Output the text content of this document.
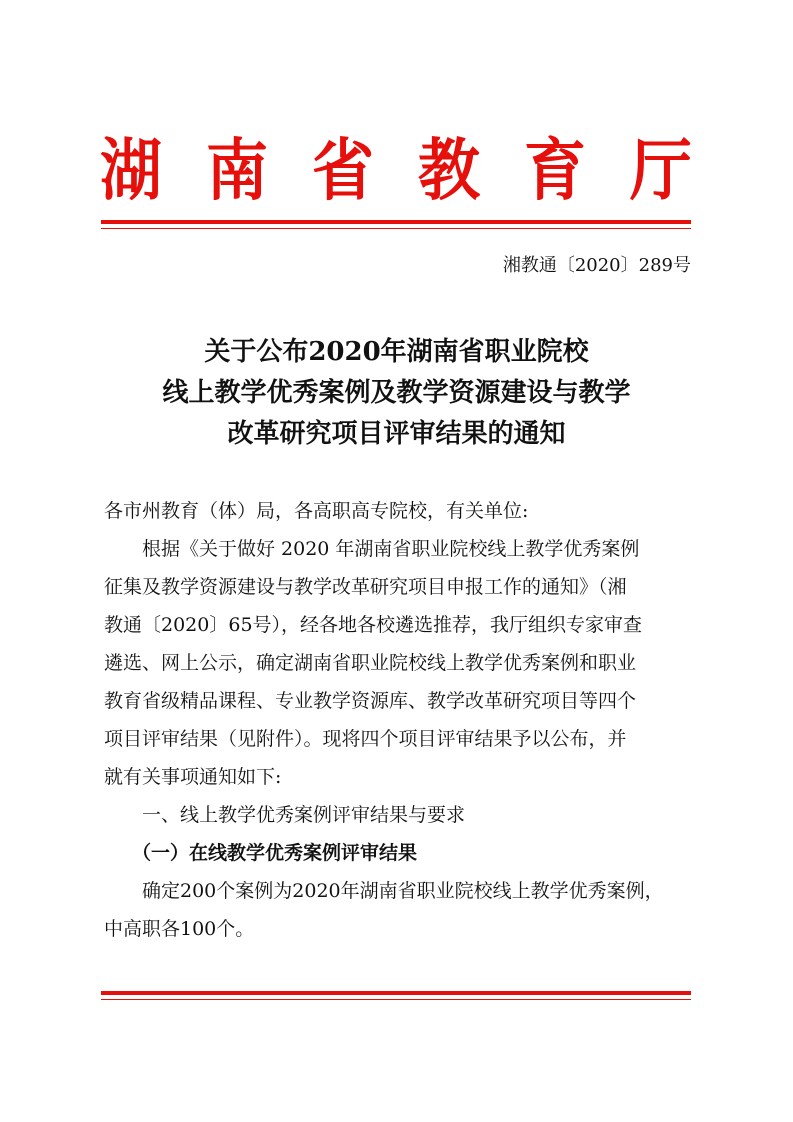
湖 南 省 教 育 厅
湘教通〔2020〕289号
关于公布2020年湖南省职业院校
线上教学优秀案例及教学资源建设与教学
改革研究项目评审结果的通知

各市州教育（体）局，各高职高专院校，有关单位:

根据《关于做好 2020 年湖南省职业院校线上教学优秀案例
征集及教学资源建设与教学改革研究项目申报工作的通知》（湘
教通〔2020〕65号），经各地各校遴选推荐，我厅组织专家审查
遴选、网上公示，确定湖南省职业院校线上教学优秀案例和职业
教育省级精品课程、专业教学资源库、教学改革研究项目等四个
项目评审结果（见附件）。现将四个项目评审结果予以公布，并
就有关事项通知如下:

一、线上教学优秀案例评审结果与要求

（一）在线教学优秀案例评审结果

确定200个案例为2020年湖南省职业院校线上教学优秀案例，
中高职各100个。
